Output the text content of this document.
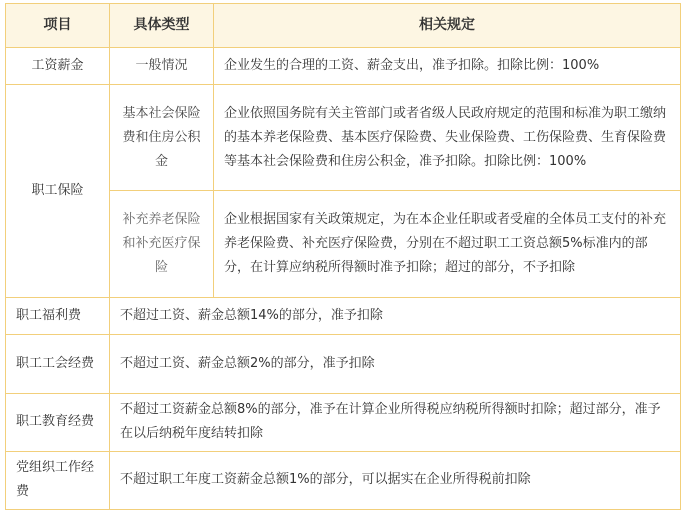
项目	具体类型	相关规定
工资薪金	一般情况	企业发生的合理的工资、薪金支出，准予扣除。扣除比例：100%
职工保险	基本社会保险费和住房公积金	企业依照国务院有关主管部门或者省级人民政府规定的范围和标准为职工缴纳的基本养老保险费、基本医疗保险费、失业保险费、工伤保险费、生育保险费等基本社会保险费和住房公积金，准予扣除。扣除比例：100%
	补充养老保险和补充医疗保险	企业根据国家有关政策规定，为在本企业任职或者受雇的全体员工支付的补充养老保险费、补充医疗保险费，分别在不超过职工工资总额5%标准内的部分，在计算应纳税所得额时准予扣除；超过的部分，不予扣除
职工福利费	不超过工资、薪金总额14%的部分，准予扣除	
职工工会经费	不超过工资、薪金总额2%的部分，准予扣除	
职工教育经费	不超过工资薪金总额8%的部分，准予在计算企业所得税应纳税所得额时扣除；超过部分，准予在以后纳税年度结转扣除	
党组织工作经费	不超过职工年度工资薪金总额1%的部分，可以据实在企业所得税前扣除	
